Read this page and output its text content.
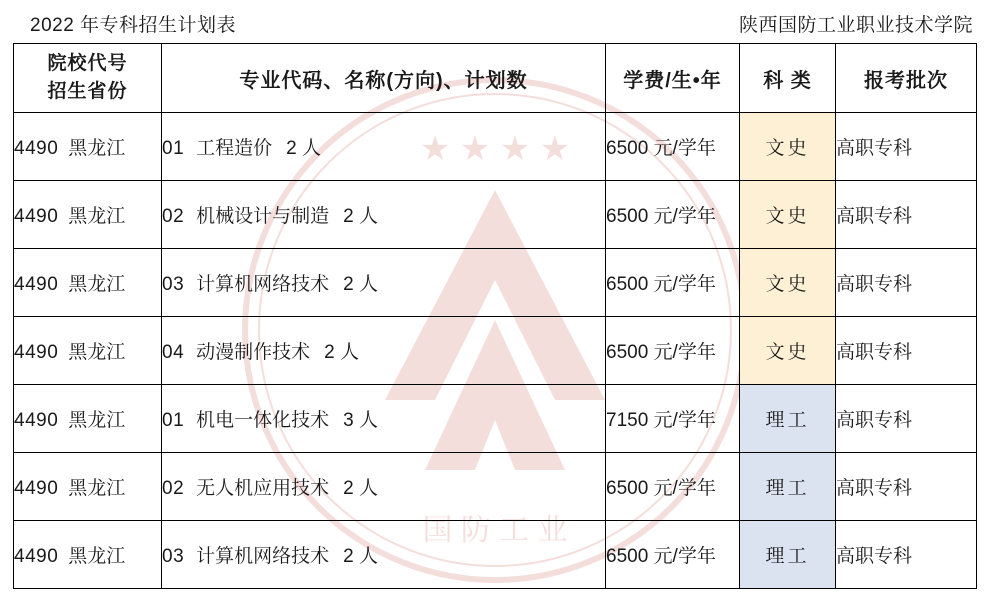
★ ★ ★ ★
国 防 工 业
2022 年专科招生计划表	陕西国防工业职业技术学院
院校代号
招生省份	专业代码、名称(方向)、计划数	学费/生•年	科 类	报考批次
4490 黑龙江	01 工程造价 2 人	6500 元/学年	文史	高职专科
4490 黑龙江	02 机械设计与制造 2 人	6500 元/学年	文史	高职专科
4490 黑龙江	03 计算机网络技术 2 人	6500 元/学年	文史	高职专科
4490 黑龙江	04 动漫制作技术 2 人	6500 元/学年	文史	高职专科
4490 黑龙江	01 机电一体化技术 3 人	7150 元/学年	理工	高职专科
4490 黑龙江	02 无人机应用技术 2 人	6500 元/学年	理工	高职专科
4490 黑龙江	03 计算机网络技术 2 人	6500 元/学年	理工	高职专科
